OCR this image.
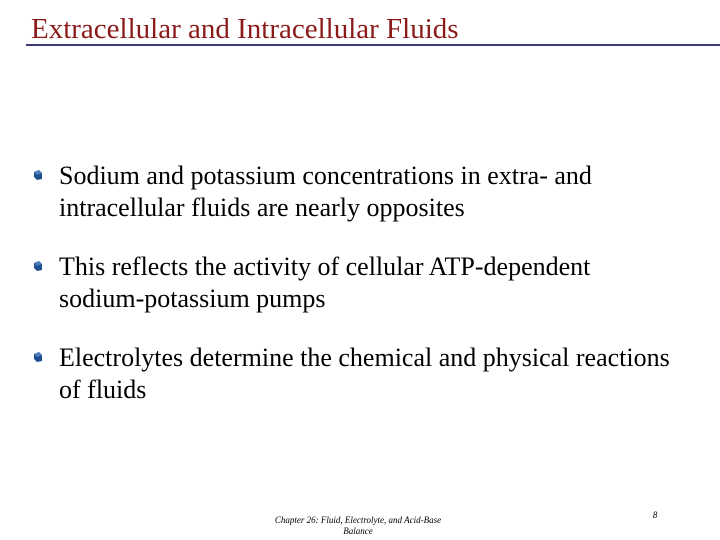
Extracellular and Intracellular Fluids
Sodium and potassium concentrations in extra- and intracellular fluids are nearly opposites
This reflects the activity of cellular ATP-dependent sodium-potassium pumps
Electrolytes determine the chemical and physical reactions of fluids
Chapter 26: Fluid, Electrolyte, and Acid-Base Balance
8
